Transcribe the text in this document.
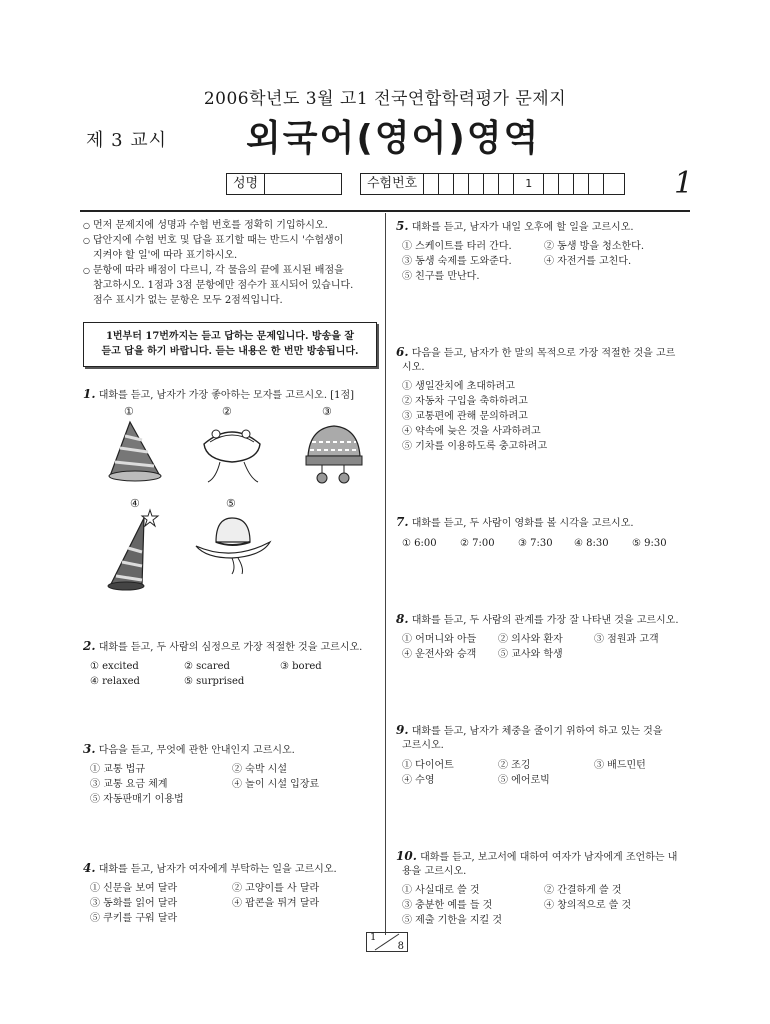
2006학년도 3월 고1 전국연합학력평가 문제지
제 3 교시 외국어(영어)영역
1
성명	수험번호	1
○ 먼저 문제지에 성명과 수험 번호를 정확히 기입하시오.
○ 답안지에 수험 번호 및 답을 표기할 때는 반드시 '수험생이
지켜야 할 일'에 따라 표기하시오.
○ 문항에 따라 배점이 다르니, 각 물음의 끝에 표시된 배점을
참고하시오. 1점과 3점 문항에만 점수가 표시되어 있습니다.
점수 표시가 없는 문항은 모두 2점씩입니다.
1번부터 17번까지는 듣고 답하는 문제입니다. 방송을 잘
듣고 답을 하기 바랍니다. 듣는 내용은 한 번만 방송됩니다.
1. 대화를 듣고, 남자가 가장 좋아하는 모자를 고르시오. [1점]
①	②	③
④	⑤
2. 대화를 듣고, 두 사람의 심정으로 가장 적절한 것을 고르시오.
① excited	② scared	③ bored
④ relaxed	⑤ surprised
3. 다음을 듣고, 무엇에 관한 안내인지 고르시오.
① 교통 법규	② 숙박 시설
③ 교통 요금 체계	④ 놀이 시설 입장료
⑤ 자동판매기 이용법
4. 대화를 듣고, 남자가 여자에게 부탁하는 일을 고르시오.
① 신문을 보여 달라	② 고양이를 사 달라
③ 동화를 읽어 달라	④ 팝콘을 튀겨 달라
⑤ 쿠키를 구워 달라
5. 대화를 듣고, 남자가 내일 오후에 할 일을 고르시오.
① 스케이트를 타러 간다.	② 동생 방을 청소한다.
③ 동생 숙제를 도와준다.	④ 자전거를 고친다.
⑤ 친구를 만난다.
6. 다음을 듣고, 남자가 한 말의 목적으로 가장 적절한 것을 고르
시오.
① 생일잔치에 초대하려고
② 자동차 구입을 축하하려고
③ 교통편에 관해 문의하려고
④ 약속에 늦은 것을 사과하려고
⑤ 기차를 이용하도록 충고하려고
7. 대화를 듣고, 두 사람이 영화를 볼 시각을 고르시오.
① 6:00 ② 7:00 ③ 7:30 ④ 8:30 ⑤ 9:30
8. 대화를 듣고, 두 사람의 관계를 가장 잘 나타낸 것을 고르시오.
① 어머니와 아들 ② 의사와 환자	③ 점원과 고객
④ 운전사와 승객 ⑤ 교사와 학생
9. 대화를 듣고, 남자가 체중을 줄이기 위하여 하고 있는 것을
고르시오.
① 다이어트	② 조깅	③ 배드민턴
④ 수영	⑤ 에어로빅
10. 대화를 듣고, 보고서에 대하여 여자가 남자에게 조언하는 내
용을 고르시오.
① 사실대로 쓸 것	② 간결하게 쓸 것
③ 충분한 예를 들 것	④ 창의적으로 쓸 것
⑤ 제출 기한을 지킬 것
1
8
